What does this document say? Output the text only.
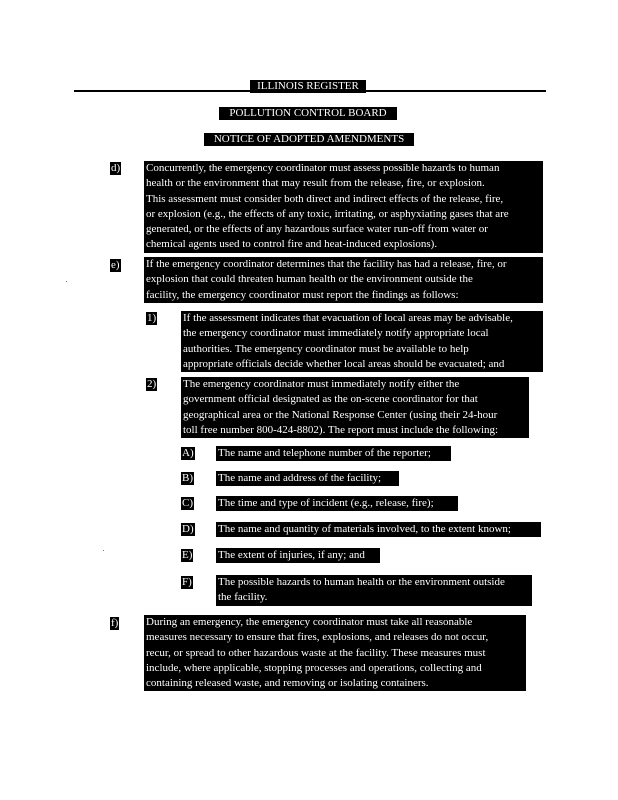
ILLINOIS REGISTER
POLLUTION CONTROL BOARD
NOTICE OF ADOPTED AMENDMENTS
d) Concurrently, the emergency coordinator must assess possible hazards to human
health or the environment that may result from the release, fire, or explosion.
This assessment must consider both direct and indirect effects of the release, fire,
or explosion (e.g., the effects of any toxic, irritating, or asphyxiating gases that are
generated, or the effects of any hazardous surface water run-off from water or
chemical agents used to control fire and heat-induced explosions).
e) If the emergency coordinator determines that the facility has had a release, fire, or
explosion that could threaten human health or the environment outside the
facility, the emergency coordinator must report the findings as follows:
1) If the assessment indicates that evacuation of local areas may be advisable,
the emergency coordinator must immediately notify appropriate local
authorities. The emergency coordinator must be available to help
appropriate officials decide whether local areas should be evacuated; and
2) The emergency coordinator must immediately notify either the
government official designated as the on-scene coordinator for that
geographical area or the National Response Center (using their 24-hour
toll free number 800-424-8802). The report must include the following:
A) The name and telephone number of the reporter;
B) The name and address of the facility;
C) The time and type of incident (e.g., release, fire);
D) The name and quantity of materials involved, to the extent known;
E) The extent of injuries, if any; and
F) The possible hazards to human health or the environment outside
the facility.
f)	During an emergency, the emergency coordinator must take all reasonable
measures necessary to ensure that fires, explosions, and releases do not occur,
recur, or spread to other hazardous waste at the facility. These measures must
include, where applicable, stopping processes and operations, collecting and
containing released waste, and removing or isolating containers.
